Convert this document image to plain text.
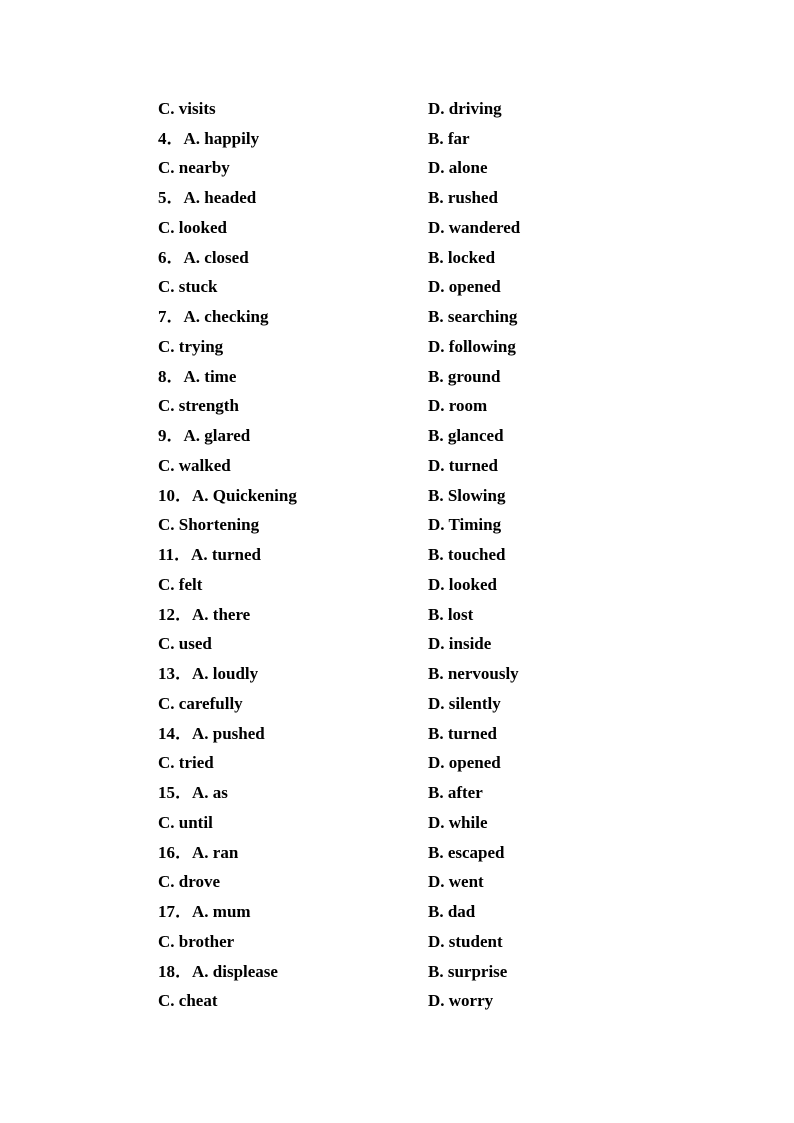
C. visits	D. driving
4．A. happily	B. far
C. nearby	D. alone
5．A. headed	B. rushed
C. looked	D. wandered
6．A. closed	B. locked
C. stuck	D. opened
7．A. checking	B. searching
C. trying	D. following
8．A. time	B. ground
C. strength	D. room
9．A. glared	B. glanced
C. walked	D. turned
10．A. Quickening	B. Slowing
C. Shortening	D. Timing
11．A. turned	B. touched
C. felt	D. looked
12．A. there	B. lost
C. used	D. inside
13．A. loudly	B. nervously
C. carefully	D. silently
14．A. pushed	B. turned
C. tried	D. opened
15．A. as	B. after
C. until	D. while
16．A. ran	B. escaped
C. drove	D. went
17．A. mum	B. dad
C. brother	D. student
18．A. displease	B. surprise
C. cheat	D. worry
